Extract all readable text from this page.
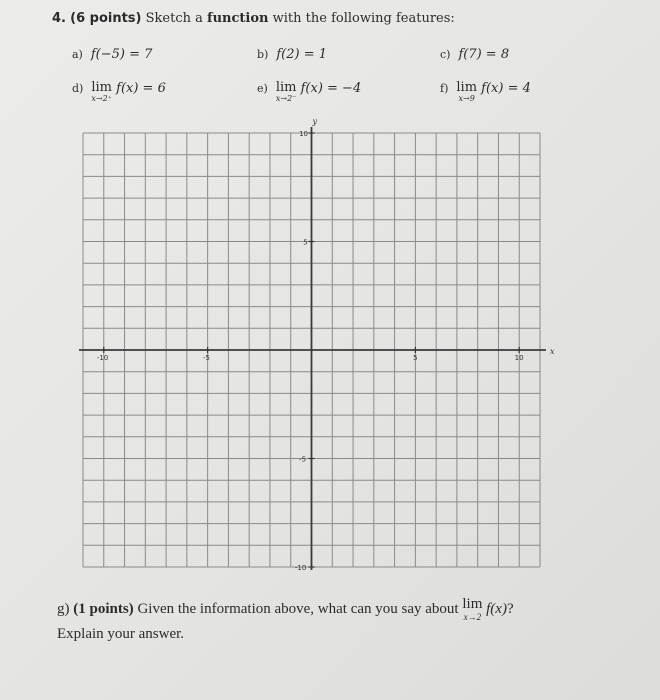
4. (6 points) Sketch a function with the following features:
a) f(−5) = 7	b) f(2) = 1	c) f(7) = 8
d) lim
x→2⁺
f(x) = 6	e) lim
x→2⁻
f(x) = −4	f) lim
x→9
f(x) = 4
x
y
-10	-5	5	10
10
5
-5
-10
g) (1 points) Given the information above, what can you say about lim
x→2 f(x)?
Explain your answer.
